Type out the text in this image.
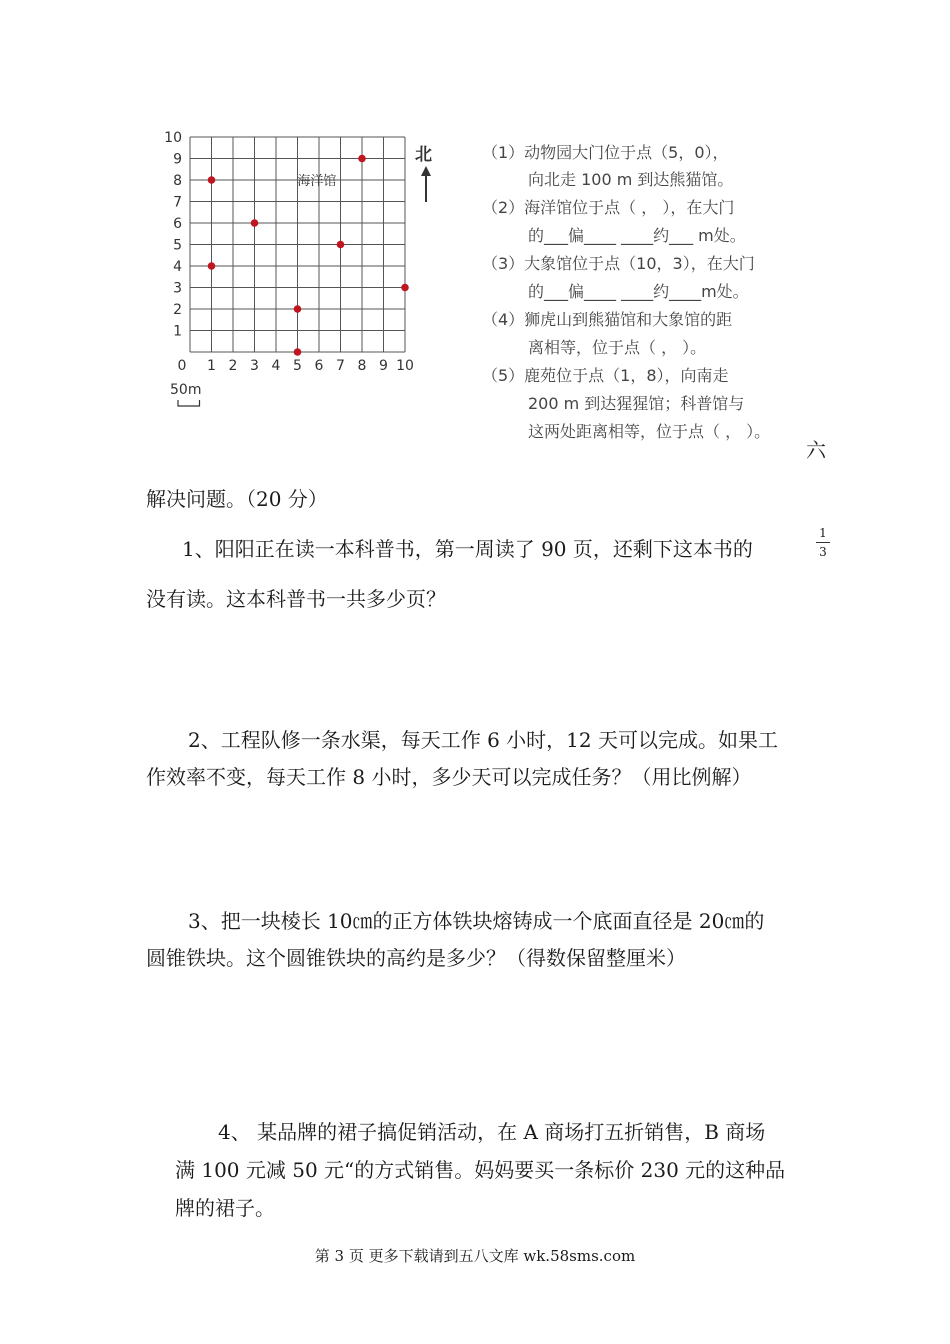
10
9
8
7
6
5
4
3
2
1
0 1 2 3 4 5 6 7 8 9 10
海洋馆
50m
北	（1）动物园大门位于点（5，0），
向北走 100 m 到达熊猫馆。
（2）海洋馆位于点（ ， ），在大门
的___偏____ ____约___ m处。
（3）大象馆位于点（10，3），在大门
的___偏____ ____约____m处。
（4）狮虎山到熊猫馆和大象馆的距
离相等，位于点（ ， ）。
（5）鹿苑位于点（1，8），向南走
200 m 到达猩猩馆；科普馆与
这两处距离相等，位于点（ ， ）。
六
解决问题。（20 分）
1、阳阳正在读一本科普书，第一周读了 90 页，还剩下这本书的
1
3
没有读。这本科普书一共多少页？
2、工程队修一条水渠，每天工作 6 小时，12 天可以完成。如果工
作效率不变，每天工作 8 小时，多少天可以完成任务？（用比例解）
3、把一块棱长 10㎝的正方体铁块熔铸成一个底面直径是 20㎝的
圆锥铁块。这个圆锥铁块的高约是多少？（得数保留整厘米）
4、 某品牌的裙子搞促销活动，在 A 商场打五折销售，B 商场
满 100 元减 50 元“的方式销售。妈妈要买一条标价 230 元的这种品
牌的裙子。
第 3 页 更多下载请到五八文库 wk.58sms.com
